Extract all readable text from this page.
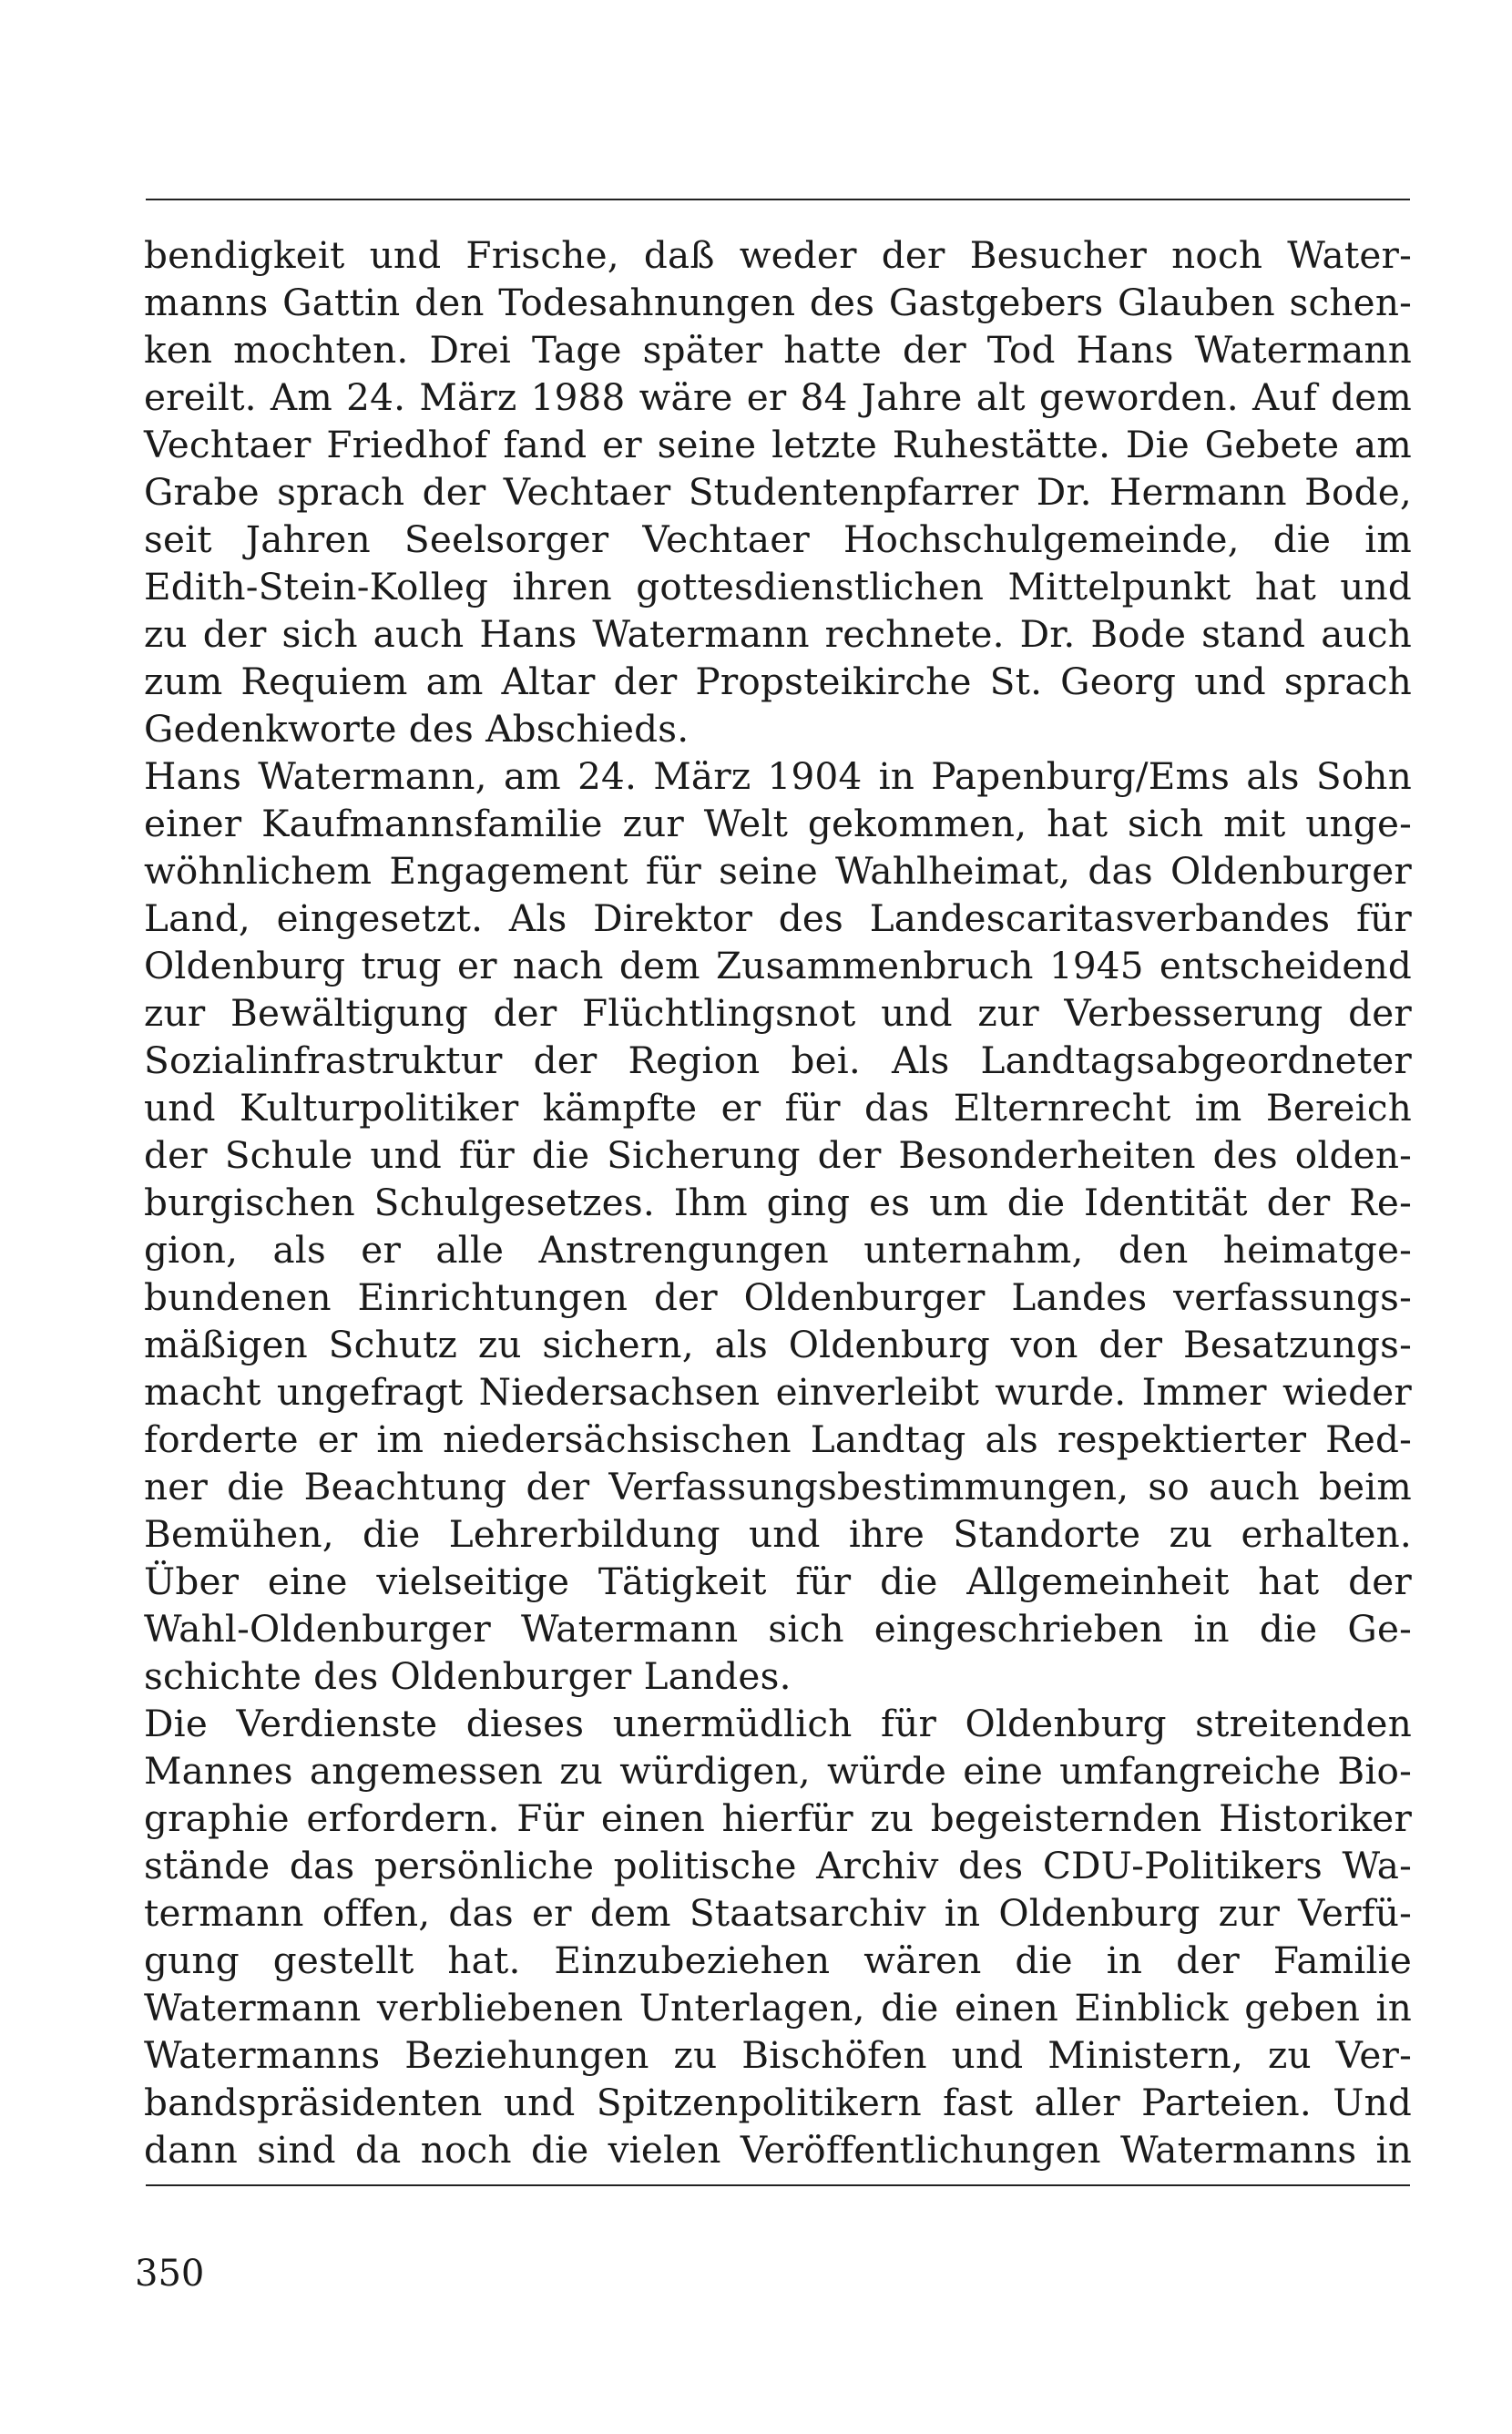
bendigkeit und Frische, daß weder der Besucher noch Water-
manns Gattin den Todesahnungen des Gastgebers Glauben schen-
ken mochten. Drei Tage später hatte der Tod Hans Watermann
ereilt. Am 24. März 1988 wäre er 84 Jahre alt geworden. Auf dem
Vechtaer Friedhof fand er seine letzte Ruhestätte. Die Gebete am
Grabe sprach der Vechtaer Studentenpfarrer Dr. Hermann Bode,
seit Jahren Seelsorger Vechtaer Hochschulgemeinde, die im
Edith-Stein-Kolleg ihren gottesdienstlichen Mittelpunkt hat und
zu der sich auch Hans Watermann rechnete. Dr. Bode stand auch
zum Requiem am Altar der Propsteikirche St. Georg und sprach
Gedenkworte des Abschieds.
Hans Watermann, am 24. März 1904 in Papenburg/Ems als Sohn
einer Kaufmannsfamilie zur Welt gekommen, hat sich mit unge-
wöhnlichem Engagement für seine Wahlheimat, das Oldenburger
Land, eingesetzt. Als Direktor des Landescaritasverbandes für
Oldenburg trug er nach dem Zusammenbruch 1945 entscheidend
zur Bewältigung der Flüchtlingsnot und zur Verbesserung der
Sozialinfrastruktur der Region bei. Als Landtagsabgeordneter
und Kulturpolitiker kämpfte er für das Elternrecht im Bereich
der Schule und für die Sicherung der Besonderheiten des olden-
burgischen Schulgesetzes. Ihm ging es um die Identität der Re-
gion, als er alle Anstrengungen unternahm, den heimatge-
bundenen Einrichtungen der Oldenburger Landes verfassungs-
mäßigen Schutz zu sichern, als Oldenburg von der Besatzungs-
macht ungefragt Niedersachsen einverleibt wurde. Immer wieder
forderte er im niedersächsischen Landtag als respektierter Red-
ner die Beachtung der Verfassungsbestimmungen, so auch beim
Bemühen, die Lehrerbildung und ihre Standorte zu erhalten.
Über eine vielseitige Tätigkeit für die Allgemeinheit hat der
Wahl-Oldenburger Watermann sich eingeschrieben in die Ge-
schichte des Oldenburger Landes.
Die Verdienste dieses unermüdlich für Oldenburg streitenden
Mannes angemessen zu würdigen, würde eine umfangreiche Bio-
graphie erfordern. Für einen hierfür zu begeisternden Historiker
stände das persönliche politische Archiv des CDU-Politikers Wa-
termann offen, das er dem Staatsarchiv in Oldenburg zur Verfü-
gung gestellt hat. Einzubeziehen wären die in der Familie
Watermann verbliebenen Unterlagen, die einen Einblick geben in
Watermanns Beziehungen zu Bischöfen und Ministern, zu Ver-
bandspräsidenten und Spitzenpolitikern fast aller Parteien. Und
dann sind da noch die vielen Veröffentlichungen Watermanns in
350
